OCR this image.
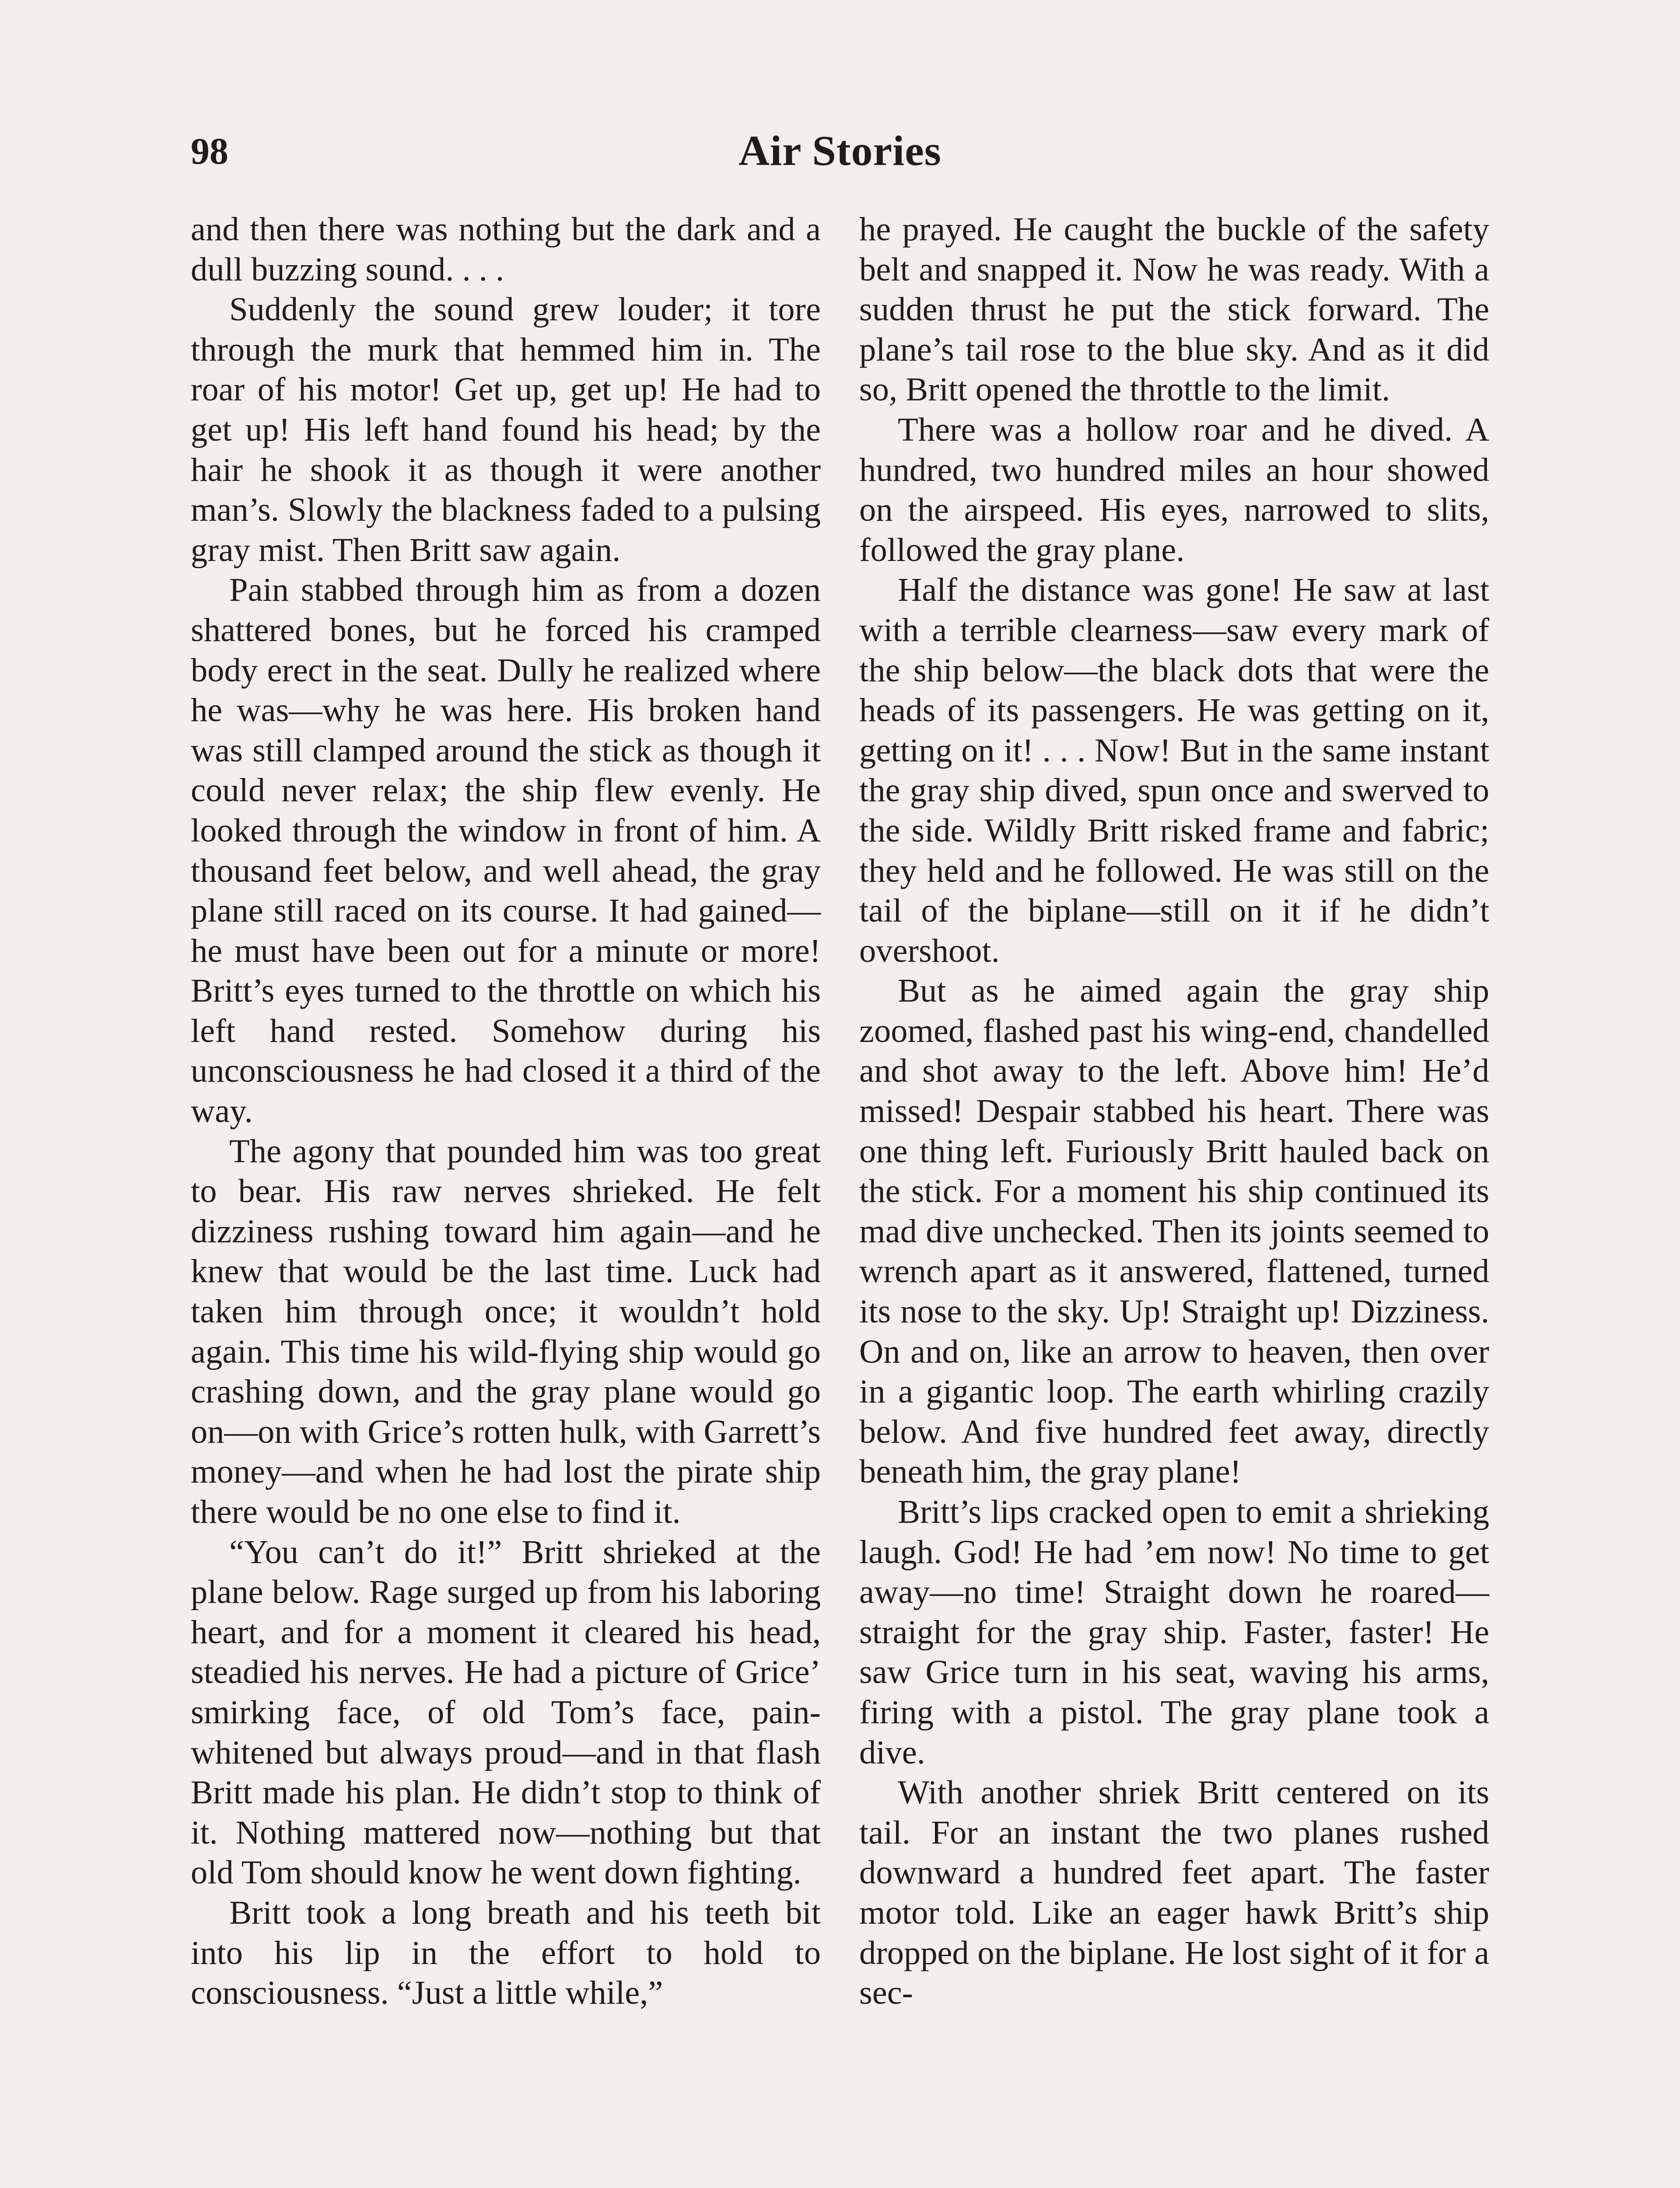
Air Stories
98

and then there was nothing but the dark and a dull buzzing sound. . . .

Suddenly the sound grew louder; it tore through the murk that hemmed him in. The roar of his motor! Get up, get up! He had to get up! His left hand found his head; by the hair he shook it as though it were another man’s. Slowly the blackness faded to a pulsing gray mist. Then Britt saw again.

Pain stabbed through him as from a dozen shattered bones, but he forced his cramped body erect in the seat. Dully he realized where he was—why he was here. His broken hand was still clamped around the stick as though it could never relax; the ship flew evenly. He looked through the window in front of him. A thousand feet below, and well ahead, the gray plane still raced on its course. It had gained—he must have been out for a minute or more! Britt’s eyes turned to the throttle on which his left hand rested. Somehow during his unconsciousness he had closed it a third of the way.

The agony that pounded him was too great to bear. His raw nerves shrieked. He felt dizziness rushing toward him again—and he knew that would be the last time. Luck had taken him through once; it wouldn’t hold again. This time his wild-flying ship would go crashing down, and the gray plane would go on—on with Grice’s rotten hulk, with Garrett’s money—and when he had lost the pirate ship there would be no one else to find it.

“You can’t do it!” Britt shrieked at the plane below. Rage surged up from his laboring heart, and for a moment it cleared his head, steadied his nerves. He had a picture of Grice’ smirking face, of old Tom’s face, pain-whitened but always proud—and in that flash Britt made his plan. He didn’t stop to think of it. Nothing mattered now—nothing but that old Tom should know he went down fighting.

Britt took a long breath and his teeth bit into his lip in the effort to hold to consciousness. “Just a little while,”

he prayed. He caught the buckle of the safety belt and snapped it. Now he was ready. With a sudden thrust he put the stick forward. The plane’s tail rose to the blue sky. And as it did so, Britt opened the throttle to the limit.

There was a hollow roar and he dived. A hundred, two hundred miles an hour showed on the airspeed. His eyes, narrowed to slits, followed the gray plane.

Half the distance was gone! He saw at last with a terrible clearness—saw every mark of the ship below—the black dots that were the heads of its passengers. He was getting on it, getting on it! . . . Now! But in the same instant the gray ship dived, spun once and swerved to the side. Wildly Britt risked frame and fabric; they held and he followed. He was still on the tail of the biplane—still on it if he didn’t overshoot.

But as he aimed again the gray ship zoomed, flashed past his wing-end, chandelled and shot away to the left. Above him! He’d missed! Despair stabbed his heart. There was one thing left. Furiously Britt hauled back on the stick. For a moment his ship continued its mad dive unchecked. Then its joints seemed to wrench apart as it answered, flattened, turned its nose to the sky. Up! Straight up! Dizziness. On and on, like an arrow to heaven, then over in a gigantic loop. The earth whirling crazily below. And five hundred feet away, directly beneath him, the gray plane!

Britt’s lips cracked open to emit a shrieking laugh. God! He had ’em now! No time to get away—no time! Straight down he roared—straight for the gray ship. Faster, faster! He saw Grice turn in his seat, waving his arms, firing with a pistol. The gray plane took a dive.

With another shriek Britt centered on its tail. For an instant the two planes rushed downward a hundred feet apart. The faster motor told. Like an eager hawk Britt’s ship dropped on the biplane. He lost sight of it for a sec-
